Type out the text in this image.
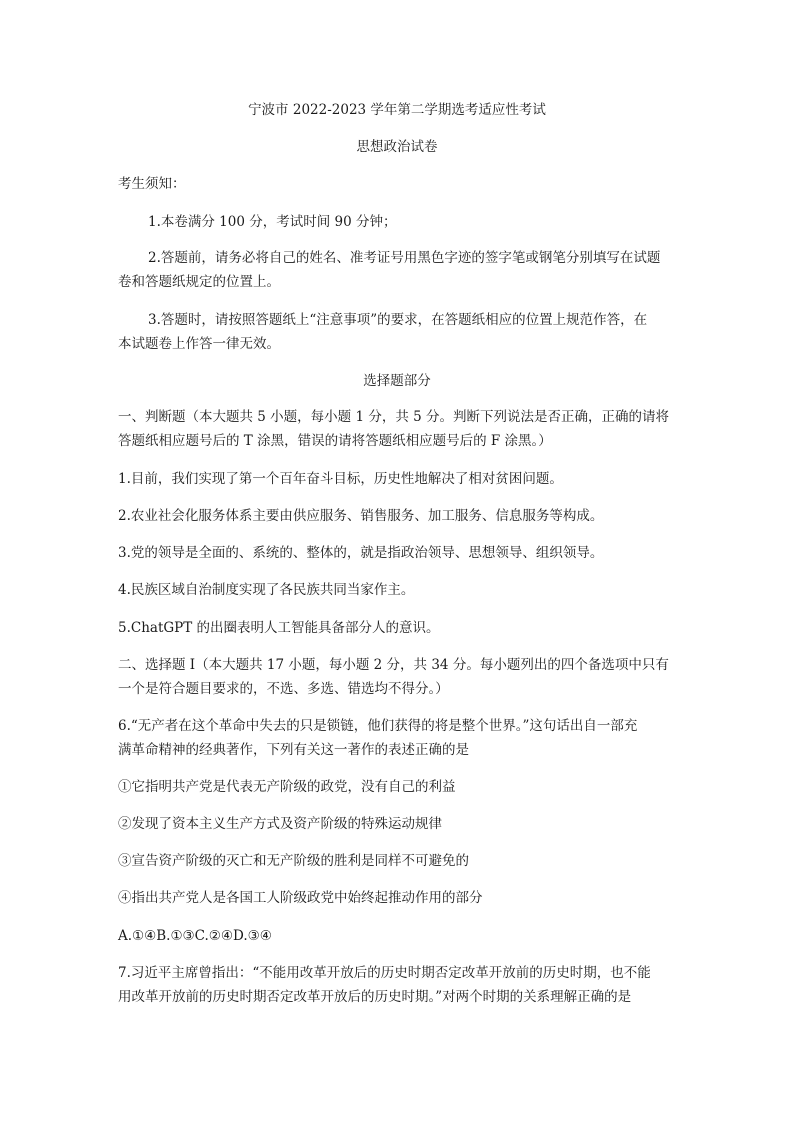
宁波市 2022-2023 学年第二学期选考适应性考试
思想政治试卷
考生须知：
1.本卷满分 100 分，考试时间 90 分钟；
2.答题前，请务必将自己的姓名、准考证号用黑色字迹的签字笔或钢笔分别填写在试题
卷和答题纸规定的位置上。
3.答题时，请按照答题纸上“注意事项”的要求，在答题纸相应的位置上规范作答，在
本试题卷上作答一律无效。
选择题部分
一、判断题（本大题共 5 小题，每小题 1 分，共 5 分。判断下列说法是否正确，正确的请将
答题纸相应题号后的 T 涂黑，错误的请将答题纸相应题号后的 F 涂黑。）
1.目前，我们实现了第一个百年奋斗目标，历史性地解决了相对贫困问题。
2.农业社会化服务体系主要由供应服务、销售服务、加工服务、信息服务等构成。
3.党的领导是全面的、系统的、整体的，就是指政治领导、思想领导、组织领导。
4.民族区域自治制度实现了各民族共同当家作主。
5.ChatGPT 的出圈表明人工智能具备部分人的意识。
二、选择题 Ⅰ（本大题共 17 小题，每小题 2 分，共 34 分。每小题列出的四个备选项中只有
一个是符合题目要求的，不选、多选、错选均不得分。）
6.“无产者在这个革命中失去的只是锁链，他们获得的将是整个世界。”这句话出自一部充
满革命精神的经典著作，下列有关这一著作的表述正确的是
①它指明共产党是代表无产阶级的政党，没有自己的利益
②发现了资本主义生产方式及资产阶级的特殊运动规律
③宣告资产阶级的灭亡和无产阶级的胜利是同样不可避免的
④指出共产党人是各国工人阶级政党中始终起推动作用的部分
A.①④B.①③C.②④D.③④
7.习近平主席曾指出：“不能用改革开放后的历史时期否定改革开放前的历史时期，也不能
用改革开放前的历史时期否定改革开放后的历史时期。”对两个时期的关系理解正确的是
